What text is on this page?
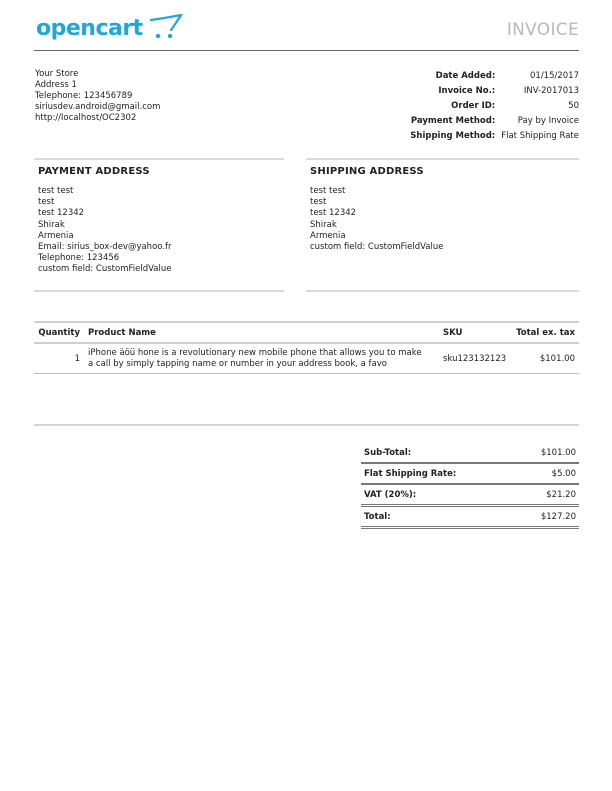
opencart	INVOICE
Your Store
Address 1
Telephone: 123456789
siriusdev.android@gmail.com
http://localhost/OC2302
Date Added:	01/15/2017
Invoice No.:	INV-2017013
Order ID:	50
Payment Method:	Pay by Invoice
Shipping Method:	Flat Shipping Rate
PAYMENT ADDRESS
test test
test
test 12342
Shirak
Armenia
Email: sirius_box-dev@yahoo.fr
Telephone: 123456
custom field: CustomFieldValue
SHIPPING ADDRESS
test test
test
test 12342
Shirak
Armenia
custom field: CustomFieldValue
Quantity	Product Name	SKU	Total ex. tax
1	iPhone äöü hone is a revolutionary new mobile phone that allows you to make a call by simply tapping name or number in your address book, a favo	sku123132123	$101.00
Sub-Total:	$101.00
Flat Shipping Rate:	$5.00
VAT (20%):	$21.20
Total:	$127.20
